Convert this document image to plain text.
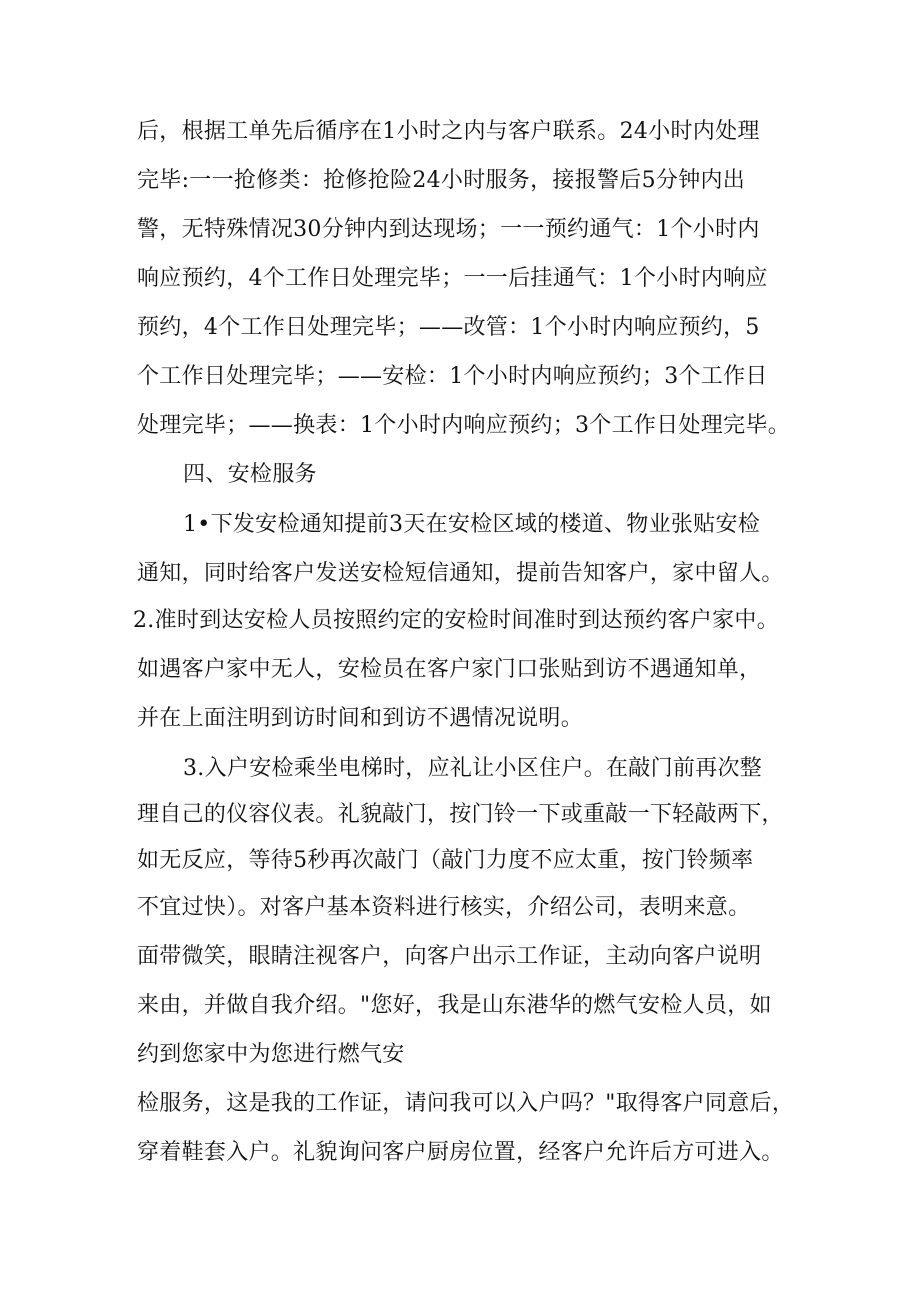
后，根据工单先后循序在1小时之内与客户联系。24小时内处理
完毕:一一抢修类：抢修抢险24小时服务，接报警后5分钟内出
警，无特殊情况30分钟内到达现场；一一预约通气：1个小时内
响应预约，4个工作日处理完毕；一一后挂通气：1个小时内响应
预约，4个工作日处理完毕；——改管：1个小时内响应预约，5
个工作日处理完毕；——安检：1个小时内响应预约；3个工作日
处理完毕；——换表：1个小时内响应预约；3个工作日处理完毕。
四、安检服务
1•下发安检通知提前3天在安检区域的楼道、物业张贴安检
通知，同时给客户发送安检短信通知，提前告知客户，家中留人。
2.准时到达安检人员按照约定的安检时间准时到达预约客户家中。
如遇客户家中无人，安检员在客户家门口张贴到访不遇通知单，
并在上面注明到访时间和到访不遇情况说明。
3.入户安检乘坐电梯时，应礼让小区住户。在敲门前再次整
理自己的仪容仪表。礼貌敲门，按门铃一下或重敲一下轻敲两下，
如无反应，等待5秒再次敲门（敲门力度不应太重，按门铃频率
不宜过快）。对客户基本资料进行核实，介绍公司，表明来意。
面带微笑，眼睛注视客户，向客户出示工作证，主动向客户说明
来由，并做自我介绍。"您好，我是山东港华的燃气安检人员，如
约到您家中为您进行燃气安
检服务，这是我的工作证，请问我可以入户吗？"取得客户同意后，
穿着鞋套入户。礼貌询问客户厨房位置，经客户允许后方可进入。
